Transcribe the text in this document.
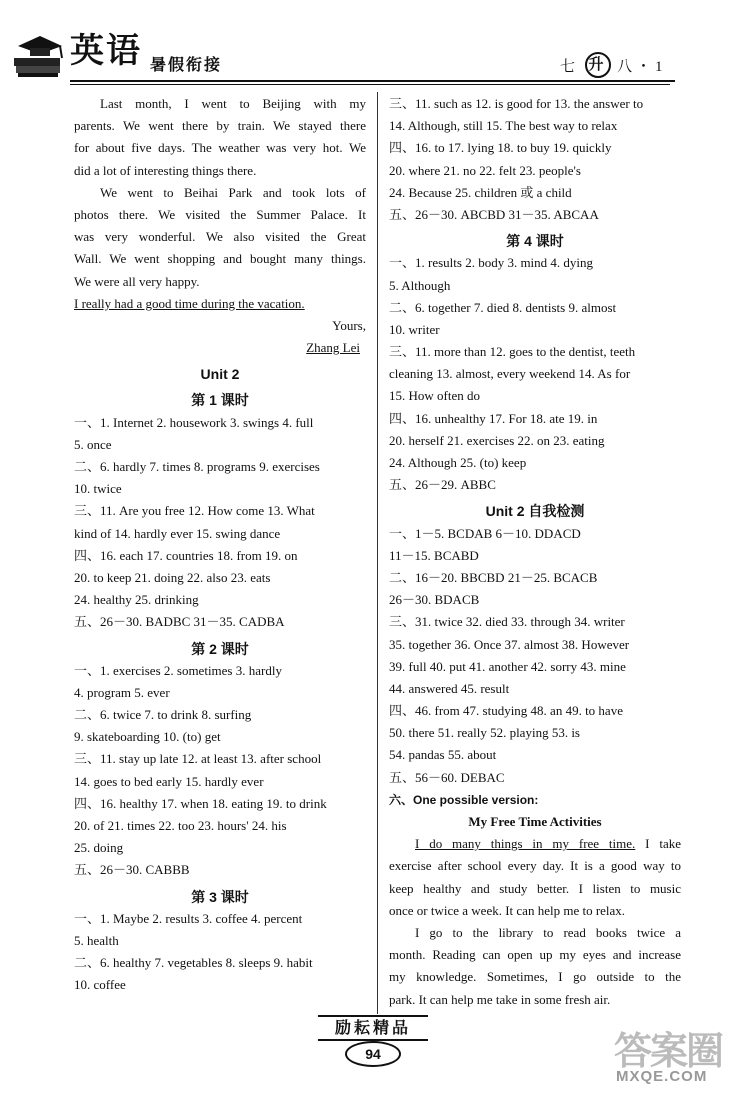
英语 暑假衔接	七 升 八・1
Last month, I went to Beijing with my
parents. We went there by train. We stayed there
for about five days. The weather was very hot. We
did a lot of interesting things there.
We went to Beihai Park and took lots of
photos there. We visited the Summer Palace. It
was very wonderful. We also visited the Great
Wall. We went shopping and bought many things.
We were all very happy.
I really had a good time during the vacation.
Yours,
Zhang Lei
Unit 2
第 1 课时
一、1. Internet 2. housework 3. swings 4. full
5. once
二、6. hardly 7. times 8. programs 9. exercises
10. twice
三、11. Are you free 12. How come 13. What
kind of 14. hardly ever 15. swing dance
四、16. each 17. countries 18. from 19. on
20. to keep 21. doing 22. also 23. eats
24. healthy 25. drinking
五、26－30. BADBC 31－35. CADBA
第 2 课时
一、1. exercises 2. sometimes 3. hardly
4. program 5. ever
二、6. twice 7. to drink 8. surfing
9. skateboarding 10. (to) get
三、11. stay up late 12. at least 13. after school
14. goes to bed early 15. hardly ever
四、16. healthy 17. when 18. eating 19. to drink
20. of 21. times 22. too 23. hours' 24. his
25. doing
五、26－30. CABBB
第 3 课时
一、1. Maybe 2. results 3. coffee 4. percent
5. health
二、6. healthy 7. vegetables 8. sleeps 9. habit
10. coffee
三、11. such as 12. is good for 13. the answer to
14. Although, still 15. The best way to relax
四、16. to 17. lying 18. to buy 19. quickly
20. where 21. no 22. felt 23. people's
24. Because 25. children 或 a child
五、26－30. ABCBD 31－35. ABCAA
第 4 课时
一、1. results 2. body 3. mind 4. dying
5. Although
二、6. together 7. died 8. dentists 9. almost
10. writer
三、11. more than 12. goes to the dentist, teeth
cleaning 13. almost, every weekend 14. As for
15. How often do
四、16. unhealthy 17. For 18. ate 19. in
20. herself 21. exercises 22. on 23. eating
24. Although 25. (to) keep
五、26－29. ABBC
Unit 2 自我检测
一、1－5. BCDAB 6－10. DDACD
11－15. BCABD
二、16－20. BBCBD 21－25. BCACB
26－30. BDACB
三、31. twice 32. died 33. through 34. writer
35. together 36. Once 37. almost 38. However
39. full 40. put 41. another 42. sorry 43. mine
44. answered 45. result
四、46. from 47. studying 48. an 49. to have
50. there 51. really 52. playing 53. is
54. pandas 55. about
五、56－60. DEBAC
六、One possible version:
My Free Time Activities
I do many things in my free time. I take
exercise after school every day. It is a good way to
keep healthy and study better. I listen to music
once or twice a week. It can help me to relax.
I go to the library to read books twice a
month. Reading can open up my eyes and increase
my knowledge. Sometimes, I go outside to the
park. It can help me take in some fresh air.
励耘精品
94	答案圈
MXQE.COM
